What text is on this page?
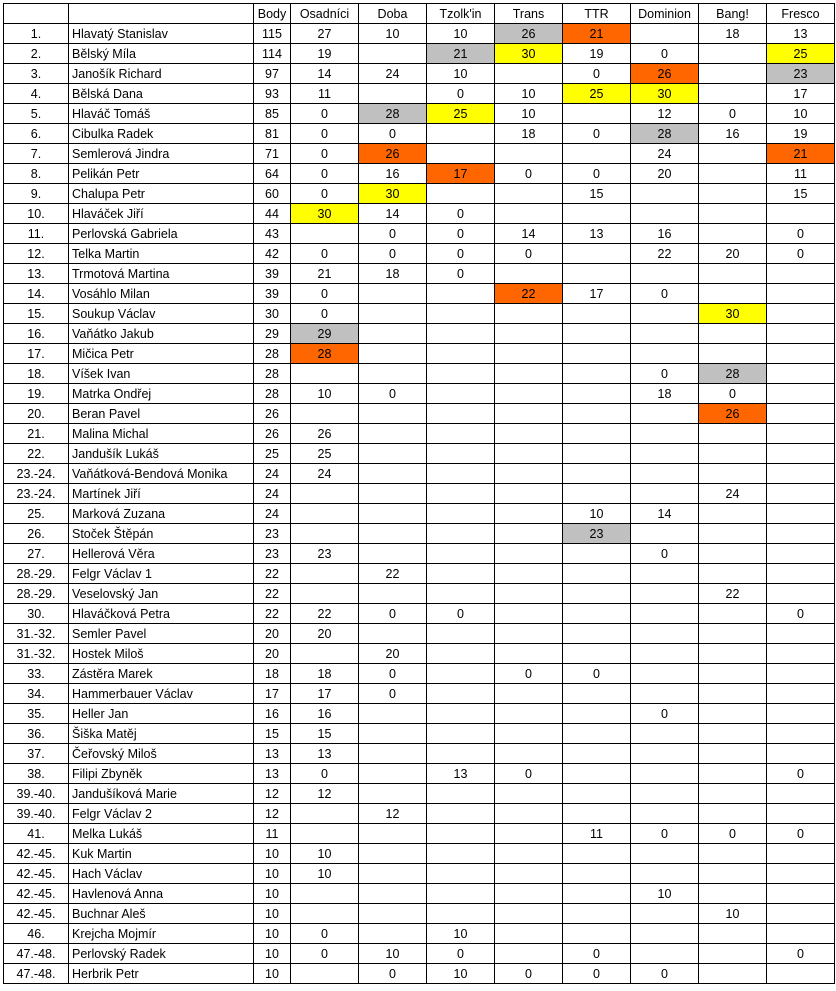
		Body	Osadníci	Doba	Tzolk'in	Trans	TTR	Dominion	Bang!	Fresco
1.	Hlavatý Stanislav	115	27	10	10	26	21		18	13
2.	Bělský Míla	114	19		21	30	19	0		25
3.	Janošík Richard	97	14	24	10		0	26		23
4.	Bělská Dana	93	11		0	10	25	30		17
5.	Hlaváč Tomáš	85	0	28	25	10		12	0	10
6.	Cibulka Radek	81	0	0		18	0	28	16	19
7.	Semlerová Jindra	71	0	26				24		21
8.	Pelikán Petr	64	0	16	17	0	0	20		11
9.	Chalupa Petr	60	0	30			15			15
10.	Hlaváček Jiří	44	30	14	0					
11.	Perlovská Gabriela	43		0	0	14	13	16		0
12.	Telka Martin	42	0	0	0	0		22	20	0
13.	Trmotová Martina	39	21	18	0					
14.	Vosáhlo Milan	39	0			22	17	0		
15.	Soukup Václav	30	0						30	
16.	Vaňátko Jakub	29	29							
17.	Mičica Petr	28	28							
18.	Víšek Ivan	28						0	28	
19.	Matrka Ondřej	28	10	0				18	0	
20.	Beran Pavel	26							26	
21.	Malina Michal	26	26							
22.	Jandušík Lukáš	25	25							
23.-24.	Vaňátková-Bendová Monika	24	24							
23.-24.	Martínek Jiří	24							24	
25.	Marková Zuzana	24					10	14		
26.	Stoček Štěpán	23					23			
27.	Hellerová Věra	23	23					0		
28.-29.	Felgr Václav 1	22		22						
28.-29.	Veselovský Jan	22							22	
30.	Hlaváčková Petra	22	22	0	0					0
31.-32.	Semler Pavel	20	20							
31.-32.	Hostek Miloš	20		20						
33.	Zástěra Marek	18	18	0		0	0			
34.	Hammerbauer Václav	17	17	0						
35.	Heller Jan	16	16					0		
36.	Šiška Matěj	15	15							
37.	Čeřovský Miloš	13	13							
38.	Filipi Zbyněk	13	0		13	0				0
39.-40.	Jandušíková Marie	12	12							
39.-40.	Felgr Václav 2	12		12						
41.	Melka Lukáš	11					11	0	0	0
42.-45.	Kuk Martin	10	10							
42.-45.	Hach Václav	10	10							
42.-45.	Havlenová Anna	10						10		
42.-45.	Buchnar Aleš	10							10	
46.	Krejcha Mojmír	10	0		10					
47.-48.	Perlovský Radek	10	0	10	0		0			0
47.-48.	Herbrik Petr	10		0	10	0	0	0		
